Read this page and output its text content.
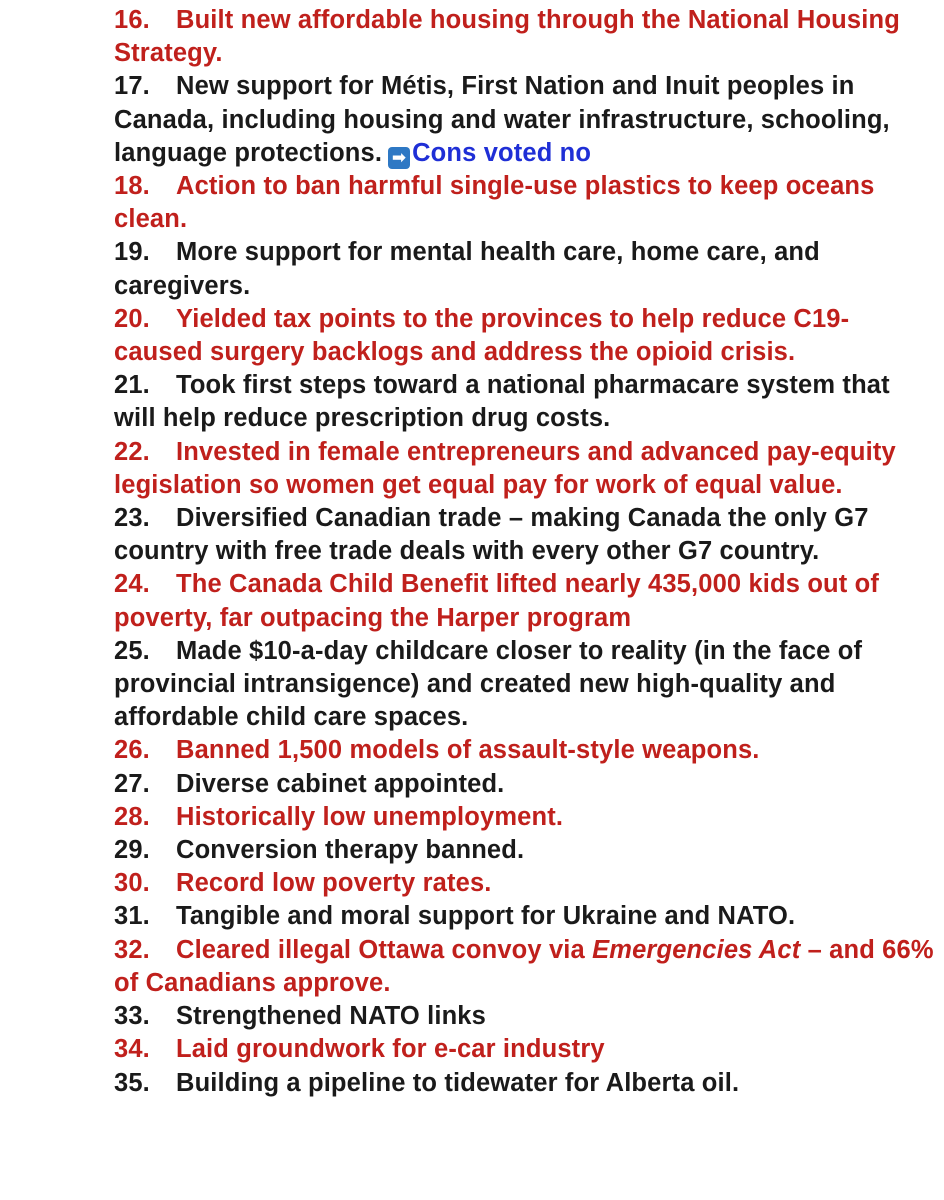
16. Built new affordable housing through the National Housing Strategy.

17. New support for Métis, First Nation and Inuit peoples in Canada, including housing and water infrastructure, schooling, language protections. ➡ Cons voted no

18. Action to ban harmful single-use plastics to keep oceans clean.

19. More support for mental health care, home care, and caregivers.

20. Yielded tax points to the provinces to help reduce C19-caused surgery backlogs and address the opioid crisis.

21. Took first steps toward a national pharmacare system that will help reduce prescription drug costs.

22. Invested in female entrepreneurs and advanced pay-equity legislation so women get equal pay for work of equal value.

23. Diversified Canadian trade – making Canada the only G7 country with free trade deals with every other G7 country.

24. The Canada Child Benefit lifted nearly 435,000 kids out of poverty, far outpacing the Harper program

25. Made $10-a-day childcare closer to reality (in the face of provincial intransigence) and created new high-quality and affordable child care spaces.

26. Banned 1,500 models of assault-style weapons.

27. Diverse cabinet appointed.

28. Historically low unemployment.

29. Conversion therapy banned.

30. Record low poverty rates.

31. Tangible and moral support for Ukraine and NATO.

32. Cleared illegal Ottawa convoy via Emergencies Act – and 66% of Canadians approve.

33. Strengthened NATO links

34. Laid groundwork for e-car industry

35. Building a pipeline to tidewater for Alberta oil.
